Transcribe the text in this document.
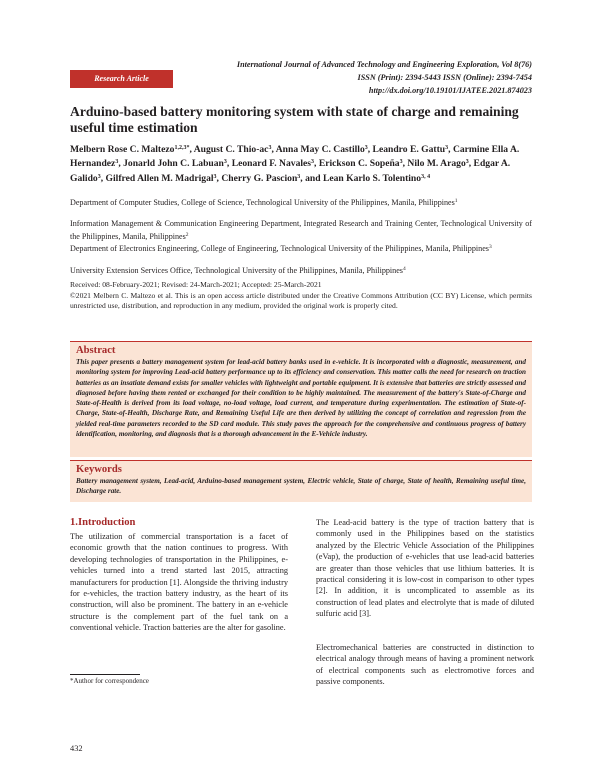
International Journal of Advanced Technology and Engineering Exploration, Vol 8(76)
ISSN (Print): 2394-5443 ISSN (Online): 2394-7454
http://dx.doi.org/10.19101/IJATEE.2021.874023
Research Article
Arduino-based battery monitoring system with state of charge and remaining useful time estimation
Melbern Rose C. Maltezo$^{1,2,3*}$, August C. Thio-$ac^3$, Anna May C. Castillo$^3$, Leandro E. Gattu$^3$, Carmine Ella A. Hernandez$^3$, Jonarld John C. Labuan$^3$, Leonard F. Navales$^3$, Erickson C. Sopeña$^3$, Nilo M. Arago$^3$, Edgar A. Galido$^3$, Gilfred Allen M. Madrigal$^3$, Cherry G. Pascion$^3$, and Lean Karlo S. Tolentino$^{3, 4}$
Department of Computer Studies, College of Science, Technological University of the Philippines, Manila, Philippines$^1$
Information Management & Communication Engineering Department, Integrated Research and Training Center, Technological University of the Philippines, Manila, Philippines$^2$
Department of Electronics Engineering, College of Engineering, Technological University of the Philippines, Manila, Philippines$^3$
University Extension Services Office, Technological University of the Philippines, Manila, Philippines$^4$
Received: 08-February-2021; Revised: 24-March-2021; Accepted: 25-March-2021
©2021 Melbern C. Maltezo et al. This is an open access article distributed under the Creative Commons Attribution (CC BY) License, which permits unrestricted use, distribution, and reproduction in any medium, provided the original work is properly cited.
Abstract

This paper presents a battery management system for lead-acid battery banks used in e-vehicle. It is incorporated with a diagnostic, measurement, and monitoring system for improving Lead-acid battery performance up to its efficiency and conservation. This matter calls the need for research on traction batteries as an insatiate demand exists for smaller vehicles with lightweight and portable equipment. It is extensive that batteries are strictly assessed and diagnosed before having them rented or exchanged for their condition to be highly maintained. The measurement of the battery's State-of-Charge and State-of-Health is derived from its load voltage, no-load voltage, load current, and temperature during experimentation. The estimation of State-of-Charge, State-of-Health, Discharge Rate, and Remaining Useful Life are then derived by utilizing the concept of correlation and regression from the yielded real-time parameters recorded to the SD card module. This study paves the approach for the comprehensive and continuous progress of battery identification, monitoring, and diagnosis that is a thorough advancement in the E-Vehicle industry.

Keywords

Battery management system, Lead-acid, Arduino-based management system, Electric vehicle, State of charge, State of health, Remaining useful time, Discharge rate.

1.Introduction
The utilization of commercial transportation is a facet of economic growth that the nation continues to progress. With developing technologies of transportation in the Philippines, e-vehicles turned into a trend started last 2015, attracting manufacturers for production [1]. Alongside the thriving industry for e-vehicles, the traction battery industry, as the heart of its construction, will also be prominent. The battery in an e-vehicle structure is the complement part of the fuel tank on a conventional vehicle. Traction batteries are the alter for gasoline.
The Lead-acid battery is the type of traction battery that is commonly used in the Philippines based on the statistics analyzed by the Electric Vehicle Association of the Philippines (eVap), the production of e-vehicles that use lead-acid batteries are greater than those vehicles that use lithium batteries. It is practical considering it is low-cost in comparison to other types [2]. In addition, it is uncomplicated to assemble as its construction of lead plates and electrolyte that is made of diluted sulfuric acid [3].
Electromechanical batteries are constructed in distinction to electrical analogy through means of having a prominent network of electrical components such as electromotive forces and passive components.
*Author for correspondence
432
